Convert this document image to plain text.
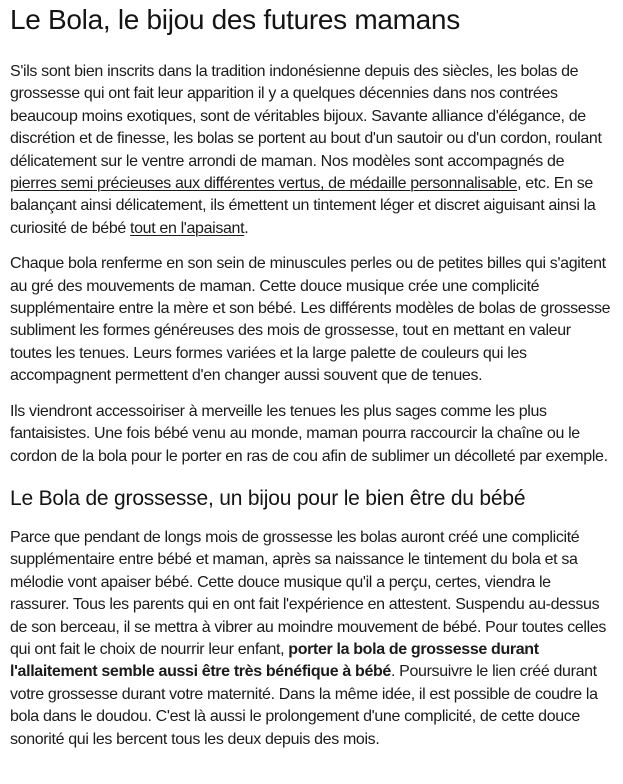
Le Bola, le bijou des futures mamans

S'ils sont bien inscrits dans la tradition indonésienne depuis des siècles, les bolas de grossesse qui ont fait leur apparition il y a quelques décennies dans nos contrées beaucoup moins exotiques, sont de véritables bijoux. Savante alliance d'élégance, de discrétion et de finesse, les bolas se portent au bout d'un sautoir ou d'un cordon, roulant délicatement sur le ventre arrondi de maman. Nos modèles sont accompagnés de pierres semi précieuses aux différentes vertus, de médaille personnalisable, etc. En se balançant ainsi délicatement, ils émettent un tintement léger et discret aiguisant ainsi la curiosité de bébé tout en l'apaisant.

Chaque bola renferme en son sein de minuscules perles ou de petites billes qui s'agitent au gré des mouvements de maman. Cette douce musique crée une complicité supplémentaire entre la mère et son bébé. Les différents modèles de bolas de grossesse subliment les formes généreuses des mois de grossesse, tout en mettant en valeur toutes les tenues. Leurs formes variées et la large palette de couleurs qui les accompagnent permettent d'en changer aussi souvent que de tenues.

Ils viendront accessoiriser à merveille les tenues les plus sages comme les plus fantaisistes. Une fois bébé venu au monde, maman pourra raccourcir la chaîne ou le cordon de la bola pour le porter en ras de cou afin de sublimer un décolleté par exemple.

Le Bola de grossesse, un bijou pour le bien être du bébé

Parce que pendant de longs mois de grossesse les bolas auront créé une complicité supplémentaire entre bébé et maman, après sa naissance le tintement du bola et sa mélodie vont apaiser bébé. Cette douce musique qu'il a perçu, certes, viendra le rassurer. Tous les parents qui en ont fait l'expérience en attestent. Suspendu au-dessus de son berceau, il se mettra à vibrer au moindre mouvement de bébé. Pour toutes celles qui ont fait le choix de nourrir leur enfant, porter la bola de grossesse durant l'allaitement semble aussi être très bénéfique à bébé. Poursuivre le lien créé durant votre grossesse durant votre maternité. Dans la même idée, il est possible de coudre la bola dans le doudou. C'est là aussi le prolongement d'une complicité, de cette douce sonorité qui les bercent tous les deux depuis des mois.
